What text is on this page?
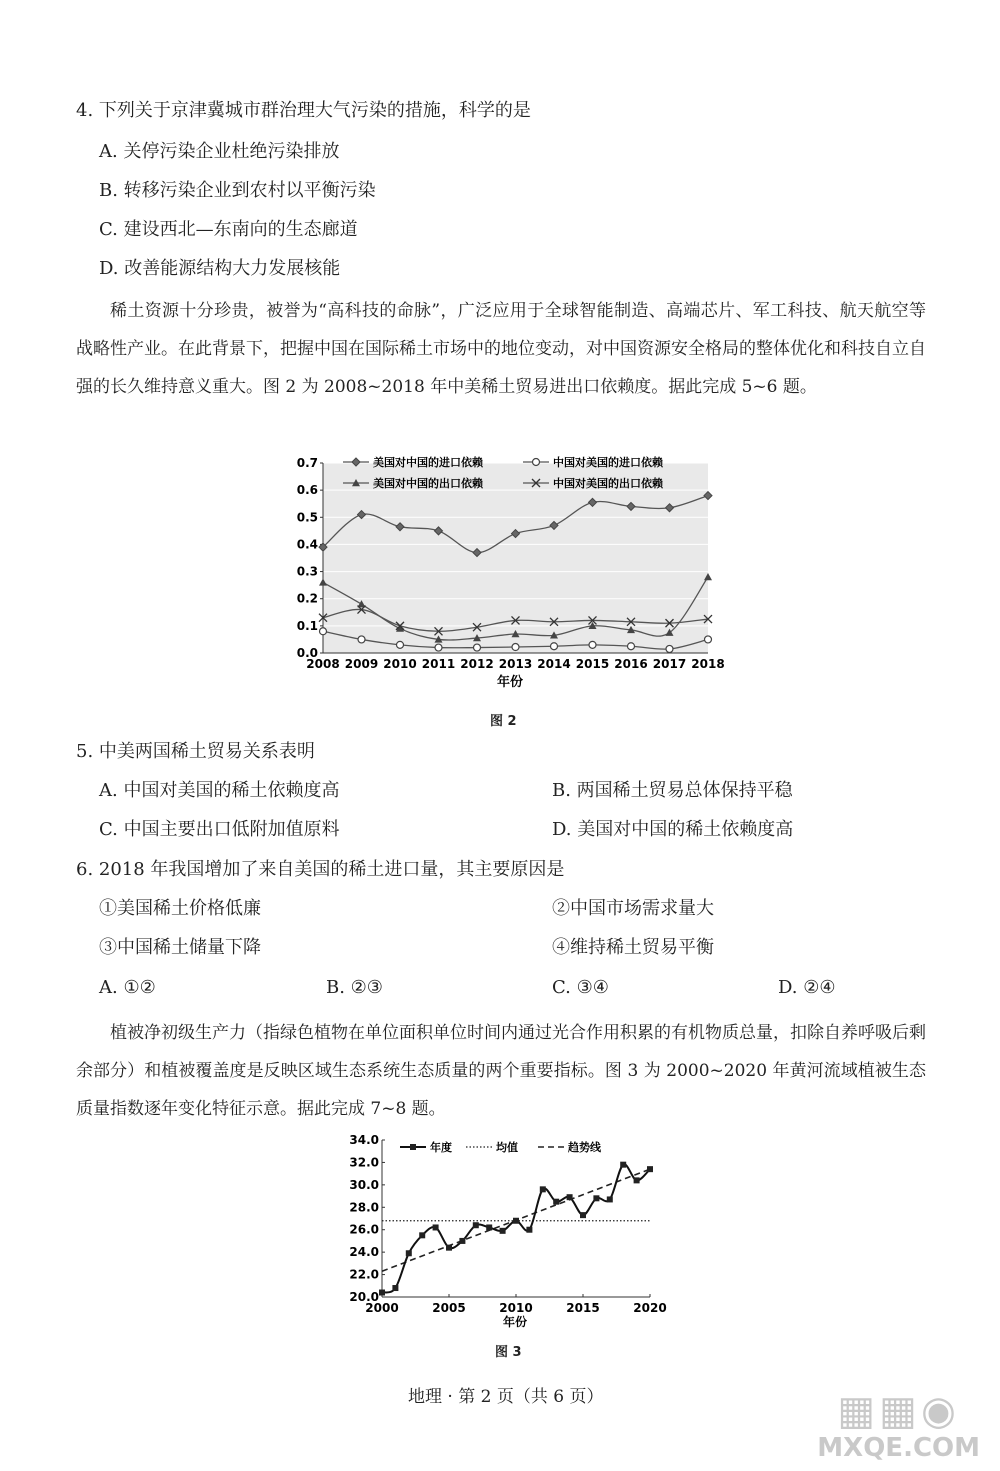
4. 下列关于京津冀城市群治理大气污染的措施，科学的是
A. 关停污染企业杜绝污染排放
B. 转移污染企业到农村以平衡污染
C. 建设西北—东南向的生态廊道
D. 改善能源结构大力发展核能
稀土资源十分珍贵，被誉为“高科技的命脉”，广泛应用于全球智能制造、高端芯片、军工科技、航天航空等战略性产业。在此背景下，把握中国在国际稀土市场中的地位变动，对中国资源安全格局的整体优化和科技自立自强的长久维持意义重大。图 2 为 2008~2018 年中美稀土贸易进出口依赖度。据此完成 5~6 题。
0.0
0.1
0.2
0.3
0.4
0.5
0.6
0.7
2008 2009 2010 2011 2012 2013 2014 2015 2016 2017 2018
美国对中国的进口依赖	中国对美国的进口依赖
美国对中国的出口依赖	中国对美国的出口依赖
年份
图 2
5. 中美两国稀土贸易关系表明
A. 中国对美国的稀土依赖度高	B. 两国稀土贸易总体保持平稳
C. 中国主要出口低附加值原料	D. 美国对中国的稀土依赖度高
6. 2018 年我国增加了来自美国的稀土进口量，其主要原因是
①美国稀土价格低廉	②中国市场需求量大
③中国稀土储量下降	④维持稀土贸易平衡
A. ①②	B. ②③	C. ③④	D. ②④
植被净初级生产力（指绿色植物在单位面积单位时间内通过光合作用积累的有机物质总量，扣除自养呼吸后剩余部分）和植被覆盖度是反映区域生态系统生态质量的两个重要指标。图 3 为 2000~2020 年黄河流域植被生态质量指数逐年变化特征示意。据此完成 7~8 题。
20.0
22.0
24.0
26.0
28.0
30.0
32.0
34.0
2000	2005	2010	2015	2020
年度	均值	趋势线
年份
图 3
地理 · 第 2 页（共 6 页）	▦▦◉
MXQE.COM
